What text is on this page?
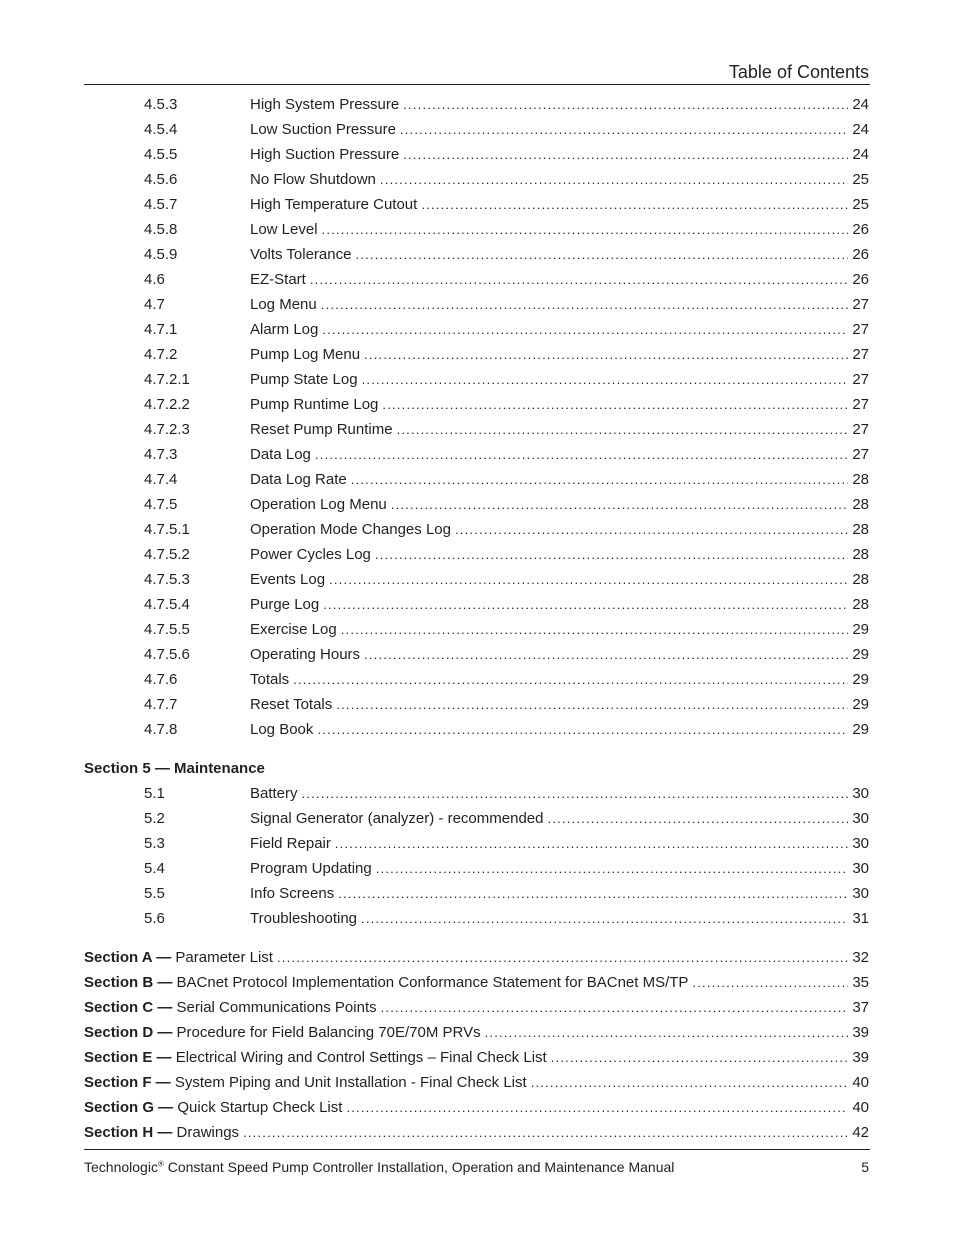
Table of Contents
4.5.3	High System Pressure .....	24
4.5.4	Low Suction Pressure .....	24
4.5.5	High Suction Pressure .....	24
4.5.6	No Flow Shutdown .....	25
4.5.7	High Temperature Cutout .....	25
4.5.8	Low Level .....	26
4.5.9	Volts Tolerance .....	26
4.6	EZ-Start .....	26
4.7	Log Menu .....	27
4.7.1	Alarm Log .....	27
4.7.2	Pump Log Menu .....	27
4.7.2.1	Pump State Log .....	27
4.7.2.2	Pump Runtime Log .....	27
4.7.2.3	Reset Pump Runtime .....	27
4.7.3	Data Log .....	27
4.7.4	Data Log Rate .....	28
4.7.5	Operation Log Menu .....	28
4.7.5.1	Operation Mode Changes Log .....	28
4.7.5.2	Power Cycles Log .....	28
4.7.5.3	Events Log .....	28
4.7.5.4	Purge Log .....	28
4.7.5.5	Exercise Log .....	29
4.7.5.6	Operating Hours .....	29
4.7.6	Totals .....	29
4.7.7	Reset Totals .....	29
4.7.8	Log Book .....	29
Section 5 — Maintenance
5.1	Battery .....	30
5.2	Signal Generator (analyzer) - recommended .....	30
5.3	Field Repair .....	30
5.4	Program Updating .....	30
5.5	Info Screens .....	30
5.6	Troubleshooting .....	31
Section A — Parameter List .....	32
Section B — BACnet Protocol Implementation Conformance Statement for BACnet MS/TP .....	35
Section C — Serial Communications Points .....	37
Section D — Procedure for Field Balancing 70E/70M PRVs .....	39
Section E — Electrical Wiring and Control Settings – Final Check List .....	39
Section F — System Piping and Unit Installation - Final Check List .....	40
Section G — Quick Startup Check List .....	40
Section H — Drawings .....	42
Technologic® Constant Speed Pump Controller Installation, Operation and Maintenance Manual	5
